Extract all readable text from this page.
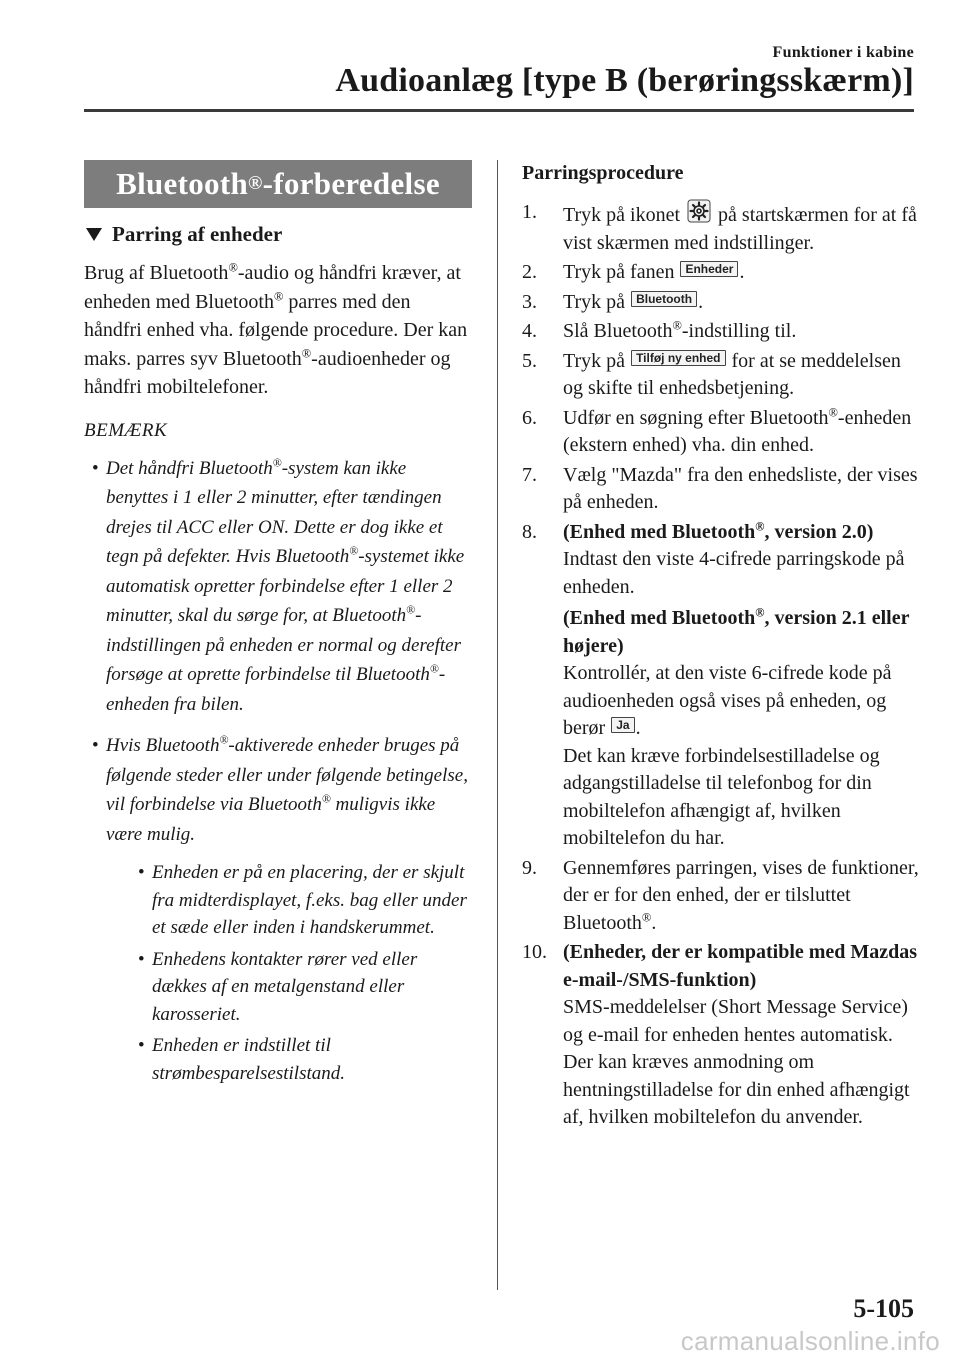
Funktioner i kabine
Audioanlæg [type B (berøringsskærm)]
Bluetooth ® -forberedelse
Parring af enheder
Brug af Bluetooth®-audio og håndfri kræver, at enheden med Bluetooth® parres med den håndfri enhed vha. følgende procedure. Der kan maks. parres syv Bluetooth®-audioenheder og håndfri mobiltelefoner.
BEMÆRK
• Det håndfri Bluetooth®-system kan ikke benyttes i 1 eller 2 minutter, efter tændingen drejes til ACC eller ON. Dette er dog ikke et tegn på defekter. Hvis Bluetooth®-systemet ikke automatisk opretter forbindelse efter 1 eller 2 minutter, skal du sørge for, at Bluetooth®-indstillingen på enheden er normal og derefter forsøge at oprette forbindelse til Bluetooth®-enheden fra bilen.
• Hvis Bluetooth®-aktiverede enheder bruges på følgende steder eller under følgende betingelse, vil forbindelse via Bluetooth® muligvis ikke være mulig.
• Enheden er på en placering, der er skjult fra midterdisplayet, f.eks. bag eller under et sæde eller inden i handskerummet.
• Enhedens kontakter rører ved eller dækkes af en metalgenstand eller karosseriet.
• Enheden er indstillet til strømbesparelsestilstand.
Parringsprocedure
1. Tryk på ikonet på startskærmen for at få vist skærmen med indstillinger.
2. Tryk på fanen Enheder .
3. Tryk på Bluetooth .
4. Slå Bluetooth®-indstilling til.
5. Tryk på Tilføj ny enhed for at se meddelelsen og skifte til enhedsbetjening.
6. Udfør en søgning efter Bluetooth®-enheden (ekstern enhed) vha. din enhed.
7. Vælg "Mazda" fra den enhedsliste, der vises på enheden.
8. (Enhed med Bluetooth®, version 2.0)
Indtast den viste 4-cifrede parringskode på enheden.
(Enhed med Bluetooth®, version 2.1 eller højere)
Kontrollér, at den viste 6-cifrede kode på audioenheden også vises på enheden, og berør Ja .
Det kan kræve forbindelsestilladelse og adgangstilladelse til telefonbog for din mobiltelefon afhængigt af, hvilken mobiltelefon du har.
9. Gennemføres parringen, vises de funktioner, der er for den enhed, der er tilsluttet Bluetooth®.
10. (Enheder, der er kompatible med Mazdas e-mail-/SMS-funktion)
SMS-meddelelser (Short Message Service) og e-mail for enheden hentes automatisk. Der kan kræves anmodning om hentningstilladelse for din enhed afhængigt af, hvilken mobiltelefon du anvender.
5-105
carmanualsonline.info
